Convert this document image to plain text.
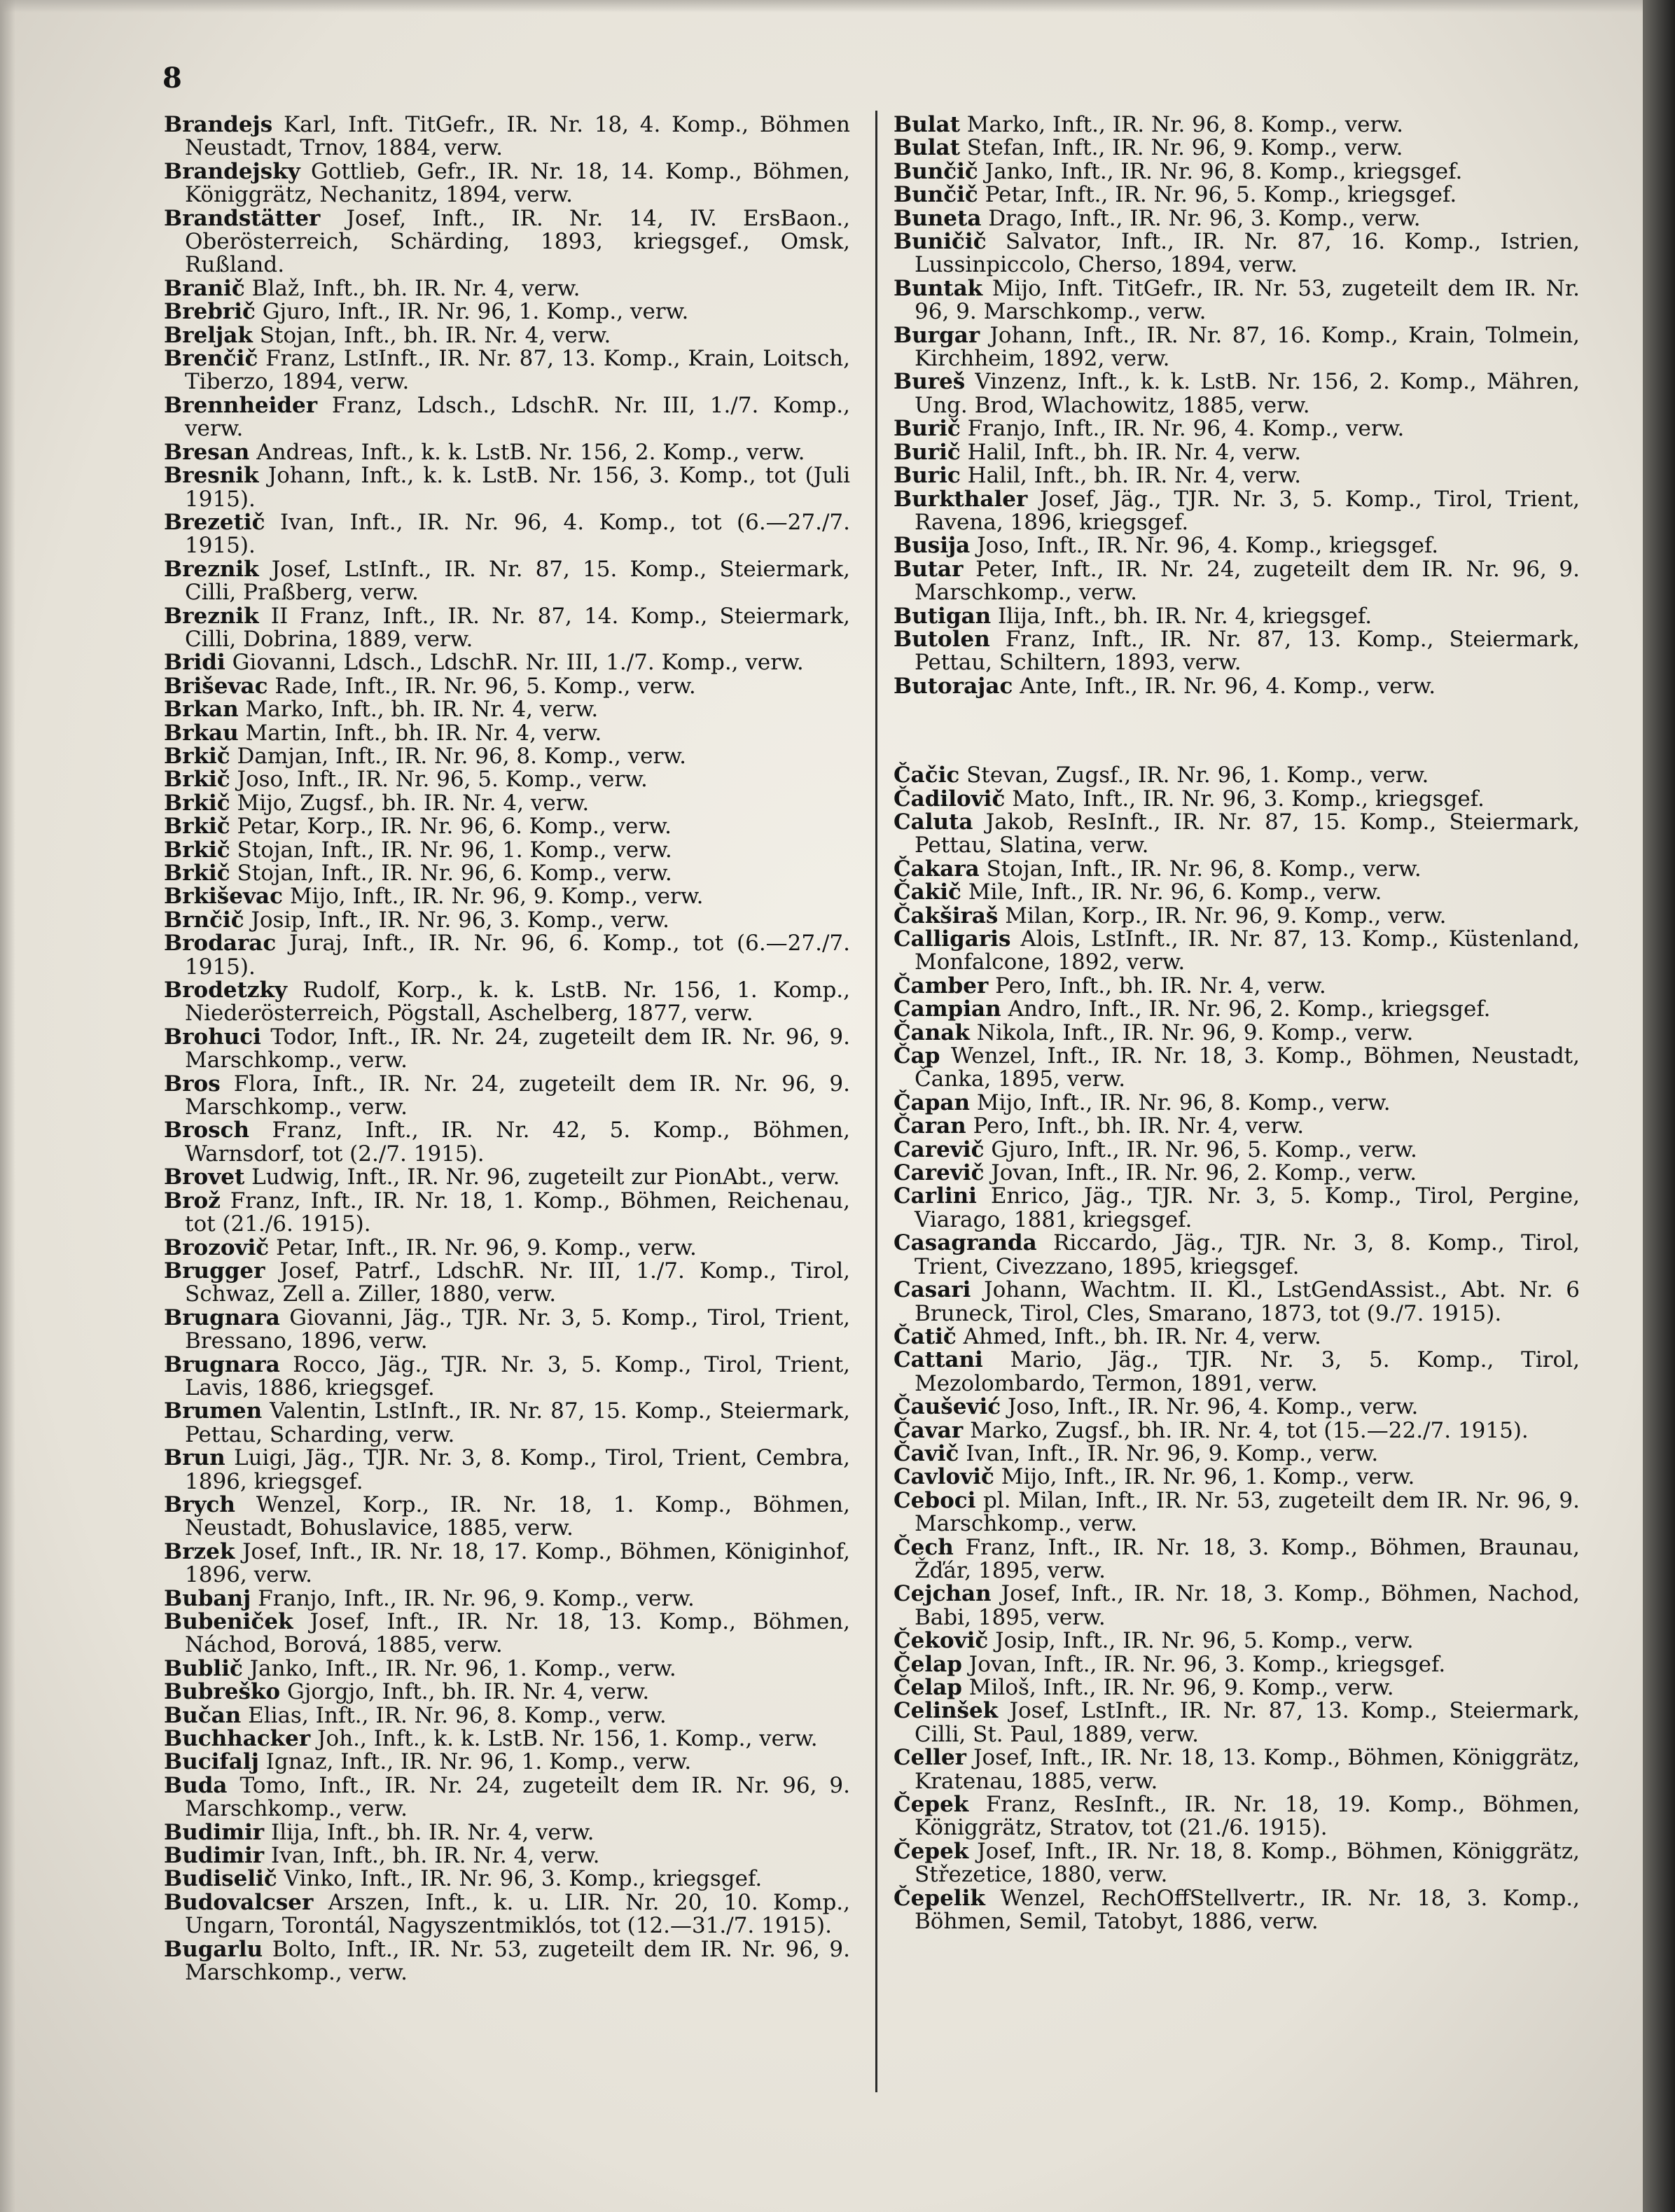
8
Brandejs Karl, Inft. TitGefr., IR. Nr. 18, 4. Komp., Böhmen Neustadt, Trnov, 1884, verw.
Brandejsky Gottlieb, Gefr., IR. Nr. 18, 14. Komp., Böhmen, Königgrätz, Nechanitz, 1894, verw.
Brandstätter Josef, Inft., IR. Nr. 14, IV. ErsBaon., Oberösterreich, Schärding, 1893, kriegsgef., Omsk, Rußland.
Branič Blaž, Inft., bh. IR. Nr. 4, verw.
Brebrič Gjuro, Inft., IR. Nr. 96, 1. Komp., verw.
Breljak Stojan, Inft., bh. IR. Nr. 4, verw.
Brenčič Franz, LstInft., IR. Nr. 87, 13. Komp., Krain, Loitsch, Tiberzo, 1894, verw.
Brennheider Franz, Ldsch., LdschR. Nr. III, 1./7. Komp., verw.
Bresan Andreas, Inft., k. k. LstB. Nr. 156, 2. Komp., verw.
Bresnik Johann, Inft., k. k. LstB. Nr. 156, 3. Komp., tot (Juli 1915).
Brezetič Ivan, Inft., IR. Nr. 96, 4. Komp., tot (6.—27./7. 1915).
Breznik Josef, LstInft., IR. Nr. 87, 15. Komp., Steiermark, Cilli, Praßberg, verw.
Breznik II Franz, Inft., IR. Nr. 87, 14. Komp., Steiermark, Cilli, Dobrina, 1889, verw.
Bridi Giovanni, Ldsch., LdschR. Nr. III, 1./7. Komp., verw.
Briševac Rade, Inft., IR. Nr. 96, 5. Komp., verw.
Brkan Marko, Inft., bh. IR. Nr. 4, verw.
Brkau Martin, Inft., bh. IR. Nr. 4, verw.
Brkič Damjan, Inft., IR. Nr. 96, 8. Komp., verw.
Brkič Joso, Inft., IR. Nr. 96, 5. Komp., verw.
Brkič Mijo, Zugsf., bh. IR. Nr. 4, verw.
Brkič Petar, Korp., IR. Nr. 96, 6. Komp., verw.
Brkič Stojan, Inft., IR. Nr. 96, 1. Komp., verw.
Brkič Stojan, Inft., IR. Nr. 96, 6. Komp., verw.
Brkiševac Mijo, Inft., IR. Nr. 96, 9. Komp., verw.
Brnčič Josip, Inft., IR. Nr. 96, 3. Komp., verw.
Brodarac Juraj, Inft., IR. Nr. 96, 6. Komp., tot (6.—27./7. 1915).
Brodetzky Rudolf, Korp., k. k. LstB. Nr. 156, 1. Komp., Niederösterreich, Pögstall, Aschelberg, 1877, verw.
Brohuci Todor, Inft., IR. Nr. 24, zugeteilt dem IR. Nr. 96, 9. Marschkomp., verw.
Bros Flora, Inft., IR. Nr. 24, zugeteilt dem IR. Nr. 96, 9. Marschkomp., verw.
Brosch Franz, Inft., IR. Nr. 42, 5. Komp., Böhmen, Warnsdorf, tot (2./7. 1915).
Brovet Ludwig, Inft., IR. Nr. 96, zugeteilt zur PionAbt., verw.
Brož Franz, Inft., IR. Nr. 18, 1. Komp., Böhmen, Reichenau, tot (21./6. 1915).
Brozovič Petar, Inft., IR. Nr. 96, 9. Komp., verw.
Brugger Josef, Patrf., LdschR. Nr. III, 1./7. Komp., Tirol, Schwaz, Zell a. Ziller, 1880, verw.
Brugnara Giovanni, Jäg., TJR. Nr. 3, 5. Komp., Tirol, Trient, Bressano, 1896, verw.
Brugnara Rocco, Jäg., TJR. Nr. 3, 5. Komp., Tirol, Trient, Lavis, 1886, kriegsgef.
Brumen Valentin, LstInft., IR. Nr. 87, 15. Komp., Steiermark, Pettau, Scharding, verw.
Brun Luigi, Jäg., TJR. Nr. 3, 8. Komp., Tirol, Trient, Cembra, 1896, kriegsgef.
Brych Wenzel, Korp., IR. Nr. 18, 1. Komp., Böhmen, Neustadt, Bohuslavice, 1885, verw.
Brzek Josef, Inft., IR. Nr. 18, 17. Komp., Böhmen, Königinhof, 1896, verw.
Bubanj Franjo, Inft., IR. Nr. 96, 9. Komp., verw.
Bubeniček Josef, Inft., IR. Nr. 18, 13. Komp., Böhmen, Náchod, Borová, 1885, verw.
Bublič Janko, Inft., IR. Nr. 96, 1. Komp., verw.
Bubreško Gjorgjo, Inft., bh. IR. Nr. 4, verw.
Bučan Elias, Inft., IR. Nr. 96, 8. Komp., verw.
Buchhacker Joh., Inft., k. k. LstB. Nr. 156, 1. Komp., verw.
Bucifalj Ignaz, Inft., IR. Nr. 96, 1. Komp., verw.
Buda Tomo, Inft., IR. Nr. 24, zugeteilt dem IR. Nr. 96, 9. Marschkomp., verw.
Budimir Ilija, Inft., bh. IR. Nr. 4, verw.
Budimir Ivan, Inft., bh. IR. Nr. 4, verw.
Budiselič Vinko, Inft., IR. Nr. 96, 3. Komp., kriegsgef.
Budovalcser Arszen, Inft., k. u. LIR. Nr. 20, 10. Komp., Ungarn, Torontál, Nagyszentmiklós, tot (12.—31./7. 1915).
Bugarlu Bolto, Inft., IR. Nr. 53, zugeteilt dem IR. Nr. 96, 9. Marschkomp., verw.
Bulat Marko, Inft., IR. Nr. 96, 8. Komp., verw.
Bulat Stefan, Inft., IR. Nr. 96, 9. Komp., verw.
Bunčič Janko, Inft., IR. Nr. 96, 8. Komp., kriegsgef.
Bunčič Petar, Inft., IR. Nr. 96, 5. Komp., kriegsgef.
Buneta Drago, Inft., IR. Nr. 96, 3. Komp., verw.
Buničič Salvator, Inft., IR. Nr. 87, 16. Komp., Istrien, Lussinpiccolo, Cherso, 1894, verw.
Buntak Mijo, Inft. TitGefr., IR. Nr. 53, zugeteilt dem IR. Nr. 96, 9. Marschkomp., verw.
Burgar Johann, Inft., IR. Nr. 87, 16. Komp., Krain, Tolmein, Kirchheim, 1892, verw.
Bureš Vinzenz, Inft., k. k. LstB. Nr. 156, 2. Komp., Mähren, Ung. Brod, Wlachowitz, 1885, verw.
Burič Franjo, Inft., IR. Nr. 96, 4. Komp., verw.
Burič Halil, Inft., bh. IR. Nr. 4, verw.
Buric Halil, Inft., bh. IR. Nr. 4, verw.
Burkthaler Josef, Jäg., TJR. Nr. 3, 5. Komp., Tirol, Trient, Ravena, 1896, kriegsgef.
Busija Joso, Inft., IR. Nr. 96, 4. Komp., kriegsgef.
Butar Peter, Inft., IR. Nr. 24, zugeteilt dem IR. Nr. 96, 9. Marschkomp., verw.
Butigan Ilija, Inft., bh. IR. Nr. 4, kriegsgef.
Butolen Franz, Inft., IR. Nr. 87, 13. Komp., Steiermark, Pettau, Schiltern, 1893, verw.
Butorajac Ante, Inft., IR. Nr. 96, 4. Komp., verw.
Čačic Stevan, Zugsf., IR. Nr. 96, 1. Komp., verw.
Čadilovič Mato, Inft., IR. Nr. 96, 3. Komp., kriegsgef.
Caluta Jakob, ResInft., IR. Nr. 87, 15. Komp., Steiermark, Pettau, Slatina, verw.
Čakara Stojan, Inft., IR. Nr. 96, 8. Komp., verw.
Čakič Mile, Inft., IR. Nr. 96, 6. Komp., verw.
Čakširaš Milan, Korp., IR. Nr. 96, 9. Komp., verw.
Calligaris Alois, LstInft., IR. Nr. 87, 13. Komp., Küstenland, Monfalcone, 1892, verw.
Čamber Pero, Inft., bh. IR. Nr. 4, verw.
Campian Andro, Inft., IR. Nr. 96, 2. Komp., kriegsgef.
Čanak Nikola, Inft., IR. Nr. 96, 9. Komp., verw.
Čap Wenzel, Inft., IR. Nr. 18, 3. Komp., Böhmen, Neustadt, Čanka, 1895, verw.
Čapan Mijo, Inft., IR. Nr. 96, 8. Komp., verw.
Čaran Pero, Inft., bh. IR. Nr. 4, verw.
Carevič Gjuro, Inft., IR. Nr. 96, 5. Komp., verw.
Carevič Jovan, Inft., IR. Nr. 96, 2. Komp., verw.
Carlini Enrico, Jäg., TJR. Nr. 3, 5. Komp., Tirol, Pergine, Viarago, 1881, kriegsgef.
Casagranda Riccardo, Jäg., TJR. Nr. 3, 8. Komp., Tirol, Trient, Civezzano, 1895, kriegsgef.
Casari Johann, Wachtm. II. Kl., LstGendAssist., Abt. Nr. 6 Bruneck, Tirol, Cles, Smarano, 1873, tot (9./7. 1915).
Čatič Ahmed, Inft., bh. IR. Nr. 4, verw.
Cattani Mario, Jäg., TJR. Nr. 3, 5. Komp., Tirol, Mezolombardo, Termon, 1891, verw.
Čaušević Joso, Inft., IR. Nr. 96, 4. Komp., verw.
Čavar Marko, Zugsf., bh. IR. Nr. 4, tot (15.—22./7. 1915).
Čavič Ivan, Inft., IR. Nr. 96, 9. Komp., verw.
Cavlovič Mijo, Inft., IR. Nr. 96, 1. Komp., verw.
Ceboci pl. Milan, Inft., IR. Nr. 53, zugeteilt dem IR. Nr. 96, 9. Marschkomp., verw.
Čech Franz, Inft., IR. Nr. 18, 3. Komp., Böhmen, Braunau, Žďár, 1895, verw.
Cejchan Josef, Inft., IR. Nr. 18, 3. Komp., Böhmen, Nachod, Babi, 1895, verw.
Čekovič Josip, Inft., IR. Nr. 96, 5. Komp., verw.
Čelap Jovan, Inft., IR. Nr. 96, 3. Komp., kriegsgef.
Čelap Miloš, Inft., IR. Nr. 96, 9. Komp., verw.
Celinšek Josef, LstInft., IR. Nr. 87, 13. Komp., Steiermark, Cilli, St. Paul, 1889, verw.
Celler Josef, Inft., IR. Nr. 18, 13. Komp., Böhmen, Königgrätz, Kratenau, 1885, verw.
Čepek Franz, ResInft., IR. Nr. 18, 19. Komp., Böhmen, Königgrätz, Stratov, tot (21./6. 1915).
Čepek Josef, Inft., IR. Nr. 18, 8. Komp., Böhmen, Königgrätz, Střezetice, 1880, verw.
Čepelik Wenzel, RechOffStellvertr., IR. Nr. 18, 3. Komp., Böhmen, Semil, Tatobyt, 1886, verw.
